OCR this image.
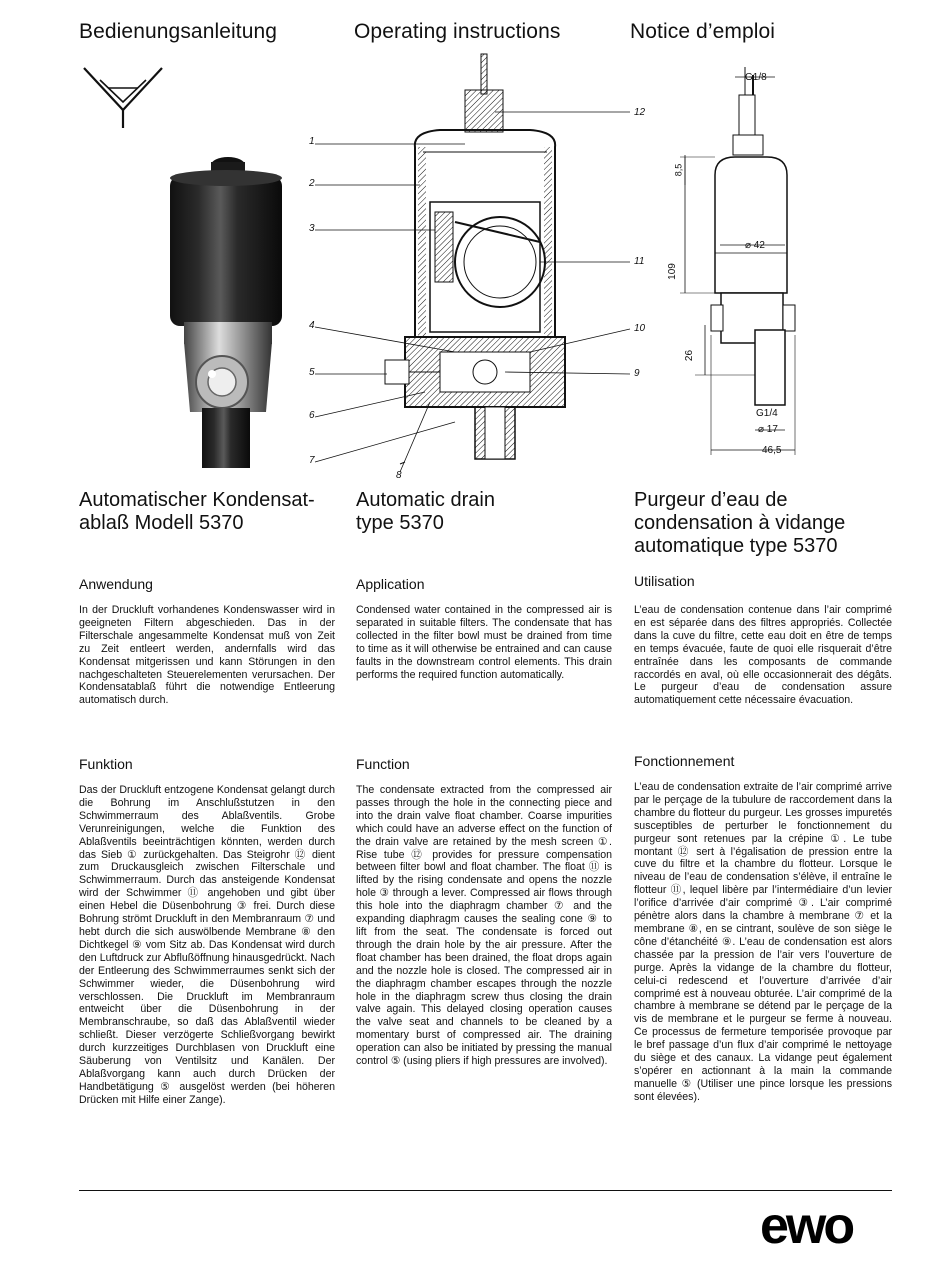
Bedienungsanleitung	Operating instructions	Notice d’emploi
1
2
3
4
5
6
7
8
12
11
10
9
G1/8
8,5
⌀ 42
109
26
G1/4
⌀ 17
46,5
Automatischer Kondensat-
ablaß Modell 5370
Automatic drain
type 5370
Purgeur d’eau de
condensation à vidange
automatique type 5370
Anwendung	Application	Utilisation
In der Druckluft vorhandenes Kondenswasser wird in geeigneten Filtern abgeschieden. Das in der Filterschale angesammelte Kondensat muß von Zeit zu Zeit entleert werden, andernfalls wird das Kondensat mitgerissen und kann Störungen in den nachgeschalteten Steuerelementen verursachen. Der Kondensatablaß führt die notwendige Entleerung automatisch durch.
Condensed water contained in the compressed air is separated in suitable filters. The condensate that has collected in the filter bowl must be drained from time to time as it will otherwise be entrained and can cause faults in the downstream control elements. This drain performs the required function automatically.
L’eau de condensation contenue dans l’air comprimé en est séparée dans des filtres appropriés. Collectée dans la cuve du filtre, cette eau doit en être de temps en temps évacuée, faute de quoi elle risquerait d’être entraînée dans les composants de commande raccordés en aval, où elle occasionnerait des dégâts. Le purgeur d’eau de condensation assure automatiquement cette nécessaire évacuation.
Funktion	Function	Fonctionnement
Das der Druckluft entzogene Kondensat gelangt durch die Bohrung im Anschlußstutzen in den Schwimmerraum des Ablaßventils. Grobe Verunreinigungen, welche die Funktion des Ablaßventils beeinträchtigen könnten, werden durch das Sieb ① zurückgehalten. Das Steigrohr ⑫ dient zum Druckausgleich zwischen Filterschale und Schwimmerraum. Durch das ansteigende Kondensat wird der Schwimmer ⑪ angehoben und gibt über einen Hebel die Düsenbohrung ③ frei. Durch diese Bohrung strömt Druckluft in den Membranraum ⑦ und hebt durch die sich auswölbende Membrane ⑧ den Dichtkegel ⑨ vom Sitz ab. Das Kondensat wird durch den Luftdruck zur Abflußöffnung hinausgedrückt. Nach der Entleerung des Schwimmerraumes senkt sich der Schwimmer wieder, die Düsenbohrung wird verschlossen. Die Druckluft im Membranraum entweicht über die Düsenbohrung in der Membranschraube, so daß das Ablaßventil wieder schließt. Dieser verzögerte Schließvorgang bewirkt durch kurzzeitiges Durchblasen von Druckluft eine Säuberung von Ventilsitz und Kanälen. Der Ablaßvorgang kann auch durch Drücken der Handbetätigung ⑤ ausgelöst werden (bei höheren Drücken mit Hilfe einer Zange).
The condensate extracted from the compressed air passes through the hole in the connecting piece and into the drain valve float chamber. Coarse impurities which could have an adverse effect on the function of the drain valve are retained by the mesh screen ①. Rise tube ⑫ provides for pressure compensation between filter bowl and float chamber. The float ⑪ is lifted by the rising condensate and opens the nozzle hole ③ through a lever. Compressed air flows through this hole into the diaphragm chamber ⑦ and the expanding diaphragm causes the sealing cone ⑨ to lift from the seat. The condensate is forced out through the drain hole by the air pressure. After the float chamber has been drained, the float drops again and the nozzle hole is closed. The compressed air in the diaphragm chamber escapes through the nozzle hole in the diaphragm screw thus closing the drain valve again. This delayed closing operation causes the valve seat and channels to be cleaned by a momentary burst of compressed air. The draining operation can also be initiated by pressing the manual control ⑤ (using pliers if high pressures are involved).
L’eau de condensation extraite de l’air comprimé arrive par le perçage de la tubulure de raccordement dans la chambre du flotteur du purgeur. Les grosses impuretés susceptibles de perturber le fonctionnement du purgeur sont retenues par la crépine ①. Le tube montant ⑫ sert à l’égalisation de pression entre la cuve du filtre et la chambre du flotteur. Lorsque le niveau de l’eau de condensation s’élève, il entraîne le flotteur ⑪, lequel libère par l’intermédiaire d’un levier l’orifice d’arrivée d’air comprimé ③. L’air comprimé pénètre alors dans la chambre à membrane ⑦ et la membrane ⑧, en se cintrant, soulève de son siège le cône d’étanchéité ⑨. L’eau de condensation est alors chassée par la pression de l’air vers l’ouverture de purge. Après la vidange de la chambre du flotteur, celui-ci redescend et l’ouverture d’arrivée d’air comprimé est à nouveau obturée. L’air comprimé de la chambre à membrane se détend par le perçage de la vis de membrane et le purgeur se ferme à nouveau. Ce processus de fermeture temporisée provoque par le bref passage d’un flux d’air comprimé le nettoyage du siège et des canaux. La vidange peut également s’opérer en actionnant à la main la commande manuelle ⑤ (Utiliser une pince lorsque les pressions sont élevées).
ewo
